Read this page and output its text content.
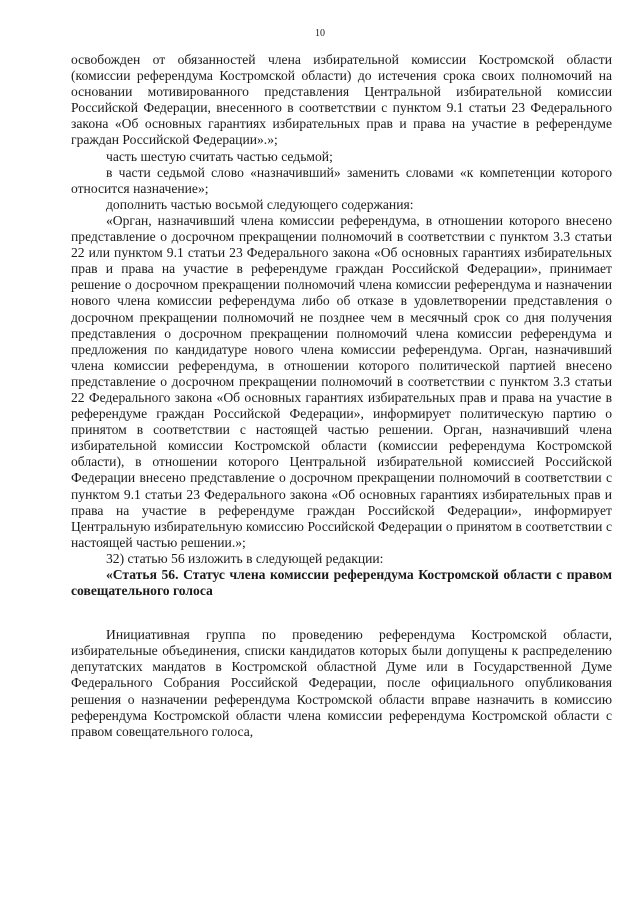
10

освобожден от обязанностей члена избирательной комиссии Костромской области (комиссии референдума Костромской области) до истечения срока своих полномочий на основании мотивированного представления Центральной избирательной комиссии Российской Федерации, внесенного в соответствии с пунктом 9.1 статьи 23 Федерального закона «Об основных гарантиях избирательных прав и права на участие в референдуме граждан Российской Федерации».»;

часть шестую считать частью седьмой;

в части седьмой слово «назначивший» заменить словами «к компетенции которого относится назначение»;

дополнить частью восьмой следующего содержания:

«Орган, назначивший члена комиссии референдума, в отношении которого внесено представление о досрочном прекращении полномочий в соответствии с пунктом 3.3 статьи 22 или пунктом 9.1 статьи 23 Федерального закона «Об основных гарантиях избирательных прав и права на участие в референдуме граждан Российской Федерации», принимает решение о досрочном прекращении полномочий члена комиссии референдума и назначении нового члена комиссии референдума либо об отказе в удовлетворении представления о досрочном прекращении полномочий не позднее чем в месячный срок со дня получения представления о досрочном прекращении полномочий члена комиссии референдума и предложения по кандидатуре нового члена комиссии референдума. Орган, назначивший члена комиссии референдума, в отношении которого политической партией внесено представление о досрочном прекращении полномочий в соответствии с пунктом 3.3 статьи 22 Федерального закона «Об основных гарантиях избирательных прав и права на участие в референдуме граждан Российской Федерации», информирует политическую партию о принятом в соответствии с настоящей частью решении. Орган, назначивший члена избирательной комиссии Костромской области (комиссии референдума Костромской области), в отношении которого Центральной избирательной комиссией Российской Федерации внесено представление о досрочном прекращении полномочий в соответствии с пунктом 9.1 статьи 23 Федерального закона «Об основных гарантиях избирательных прав и права на участие в референдуме граждан Российской Федерации», информирует Центральную избирательную комиссию Российской Федерации о принятом в соответствии с настоящей частью решении.»;

32) статью 56 изложить в следующей редакции:

«Статья 56. Статус члена комиссии референдума Костромской области с правом совещательного голоса

Инициативная группа по проведению референдума Костромской области, избирательные объединения, списки кандидатов которых были допущены к распределению депутатских мандатов в Костромской областной Думе или в Государственной Думе Федерального Собрания Российской Федерации, после официального опубликования решения о назначении референдума Костромской области вправе назначить в комиссию референдума Костромской области члена комиссии референдума Костромской области с правом совещательного голоса,
